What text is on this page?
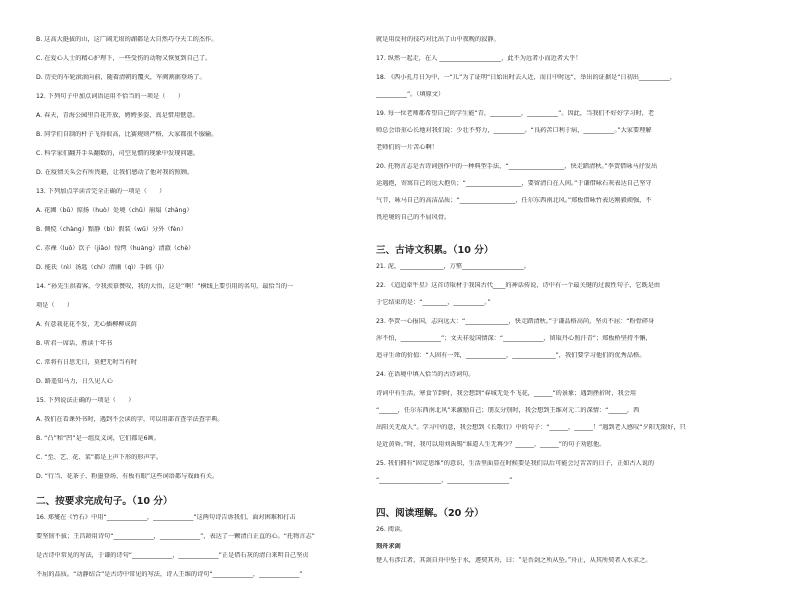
B. 这高大挺拔的山，这广阔无垠的湖都是大自然巧夺天工的杰作。
C. 在爱心人士的精心护理下，一些受伤的动物又恢复到自己了。
D. 历史的车轮滚滚向前，随着清朝的覆灭，军阀割据登场了。
12. 下列句子中加点词语运用不恰当的一项是（　　）
A. 春天，青海公园里百花开放，娉娉多姿，真是惜用惬意。
B. 同学们自制的杆子飞得很高，比赛规则严格，大家都很不服输。
C. 科学家们翻开手头翻数的，司空见惯的现象中发现问题。
D. 在疫情关头会有所畏避，让我们感动了他对我的照顾。
13. 下列加点字读音完全正确的一项是（　　）
A. 花圃（bǔ）掠扬（huò）处境（chǔ）崩塌（zhàng）
B. 倜傥（chàng）黯静（bì）假装（wǔ）分外（fèn）
C. 赤裸（luǒ）饮子（jiǎo）惊愕（huàng）清澈（chè）
D. 能氏（nì）汤匙（chí）清幽（qì）手搞（jì）
14. “孙先生拱着客，令我羡慕赞叹，我的大悟，这是‘’啊！”横线上要引用的名句，最恰当的一
项是（　　）
A. 有意栽花花不发，无心插柳柳成荫
B. 听君一席话，胜读十年书
C. 常将有日思无日，莫把无时当有时
D. 路遥知马力，日久见人心
15. 下列说法正确的一项是（　　）
A. 我们在看课外书时，遇到不会读的字，可以用部首查字法查字典。
B. “凸”和“凹”是一组反义词，它们都是6画。
C. “至、艺、花、菜”都是上声下形的形声字。
D. “行当、花茶子、粉墨登场、有板有眼”这些词语都与戏曲有关。
二、按要求完成句子。（10 分）
16. 郑燮在《竹石》中用“_____________，_____________”这两句诗告诉我们，面对困难和打击
要坚韧不拔；王昌龄用诗句“_____________，_____________”，表达了一颗清白正直的心。“托物言志”
是古诗中常见的写法，于谦的诗句“_____________，_____________”正是借石灰的清白来明自己坚贞
不屈的品质。“动静结合”是古诗中常见的写法，诗人王维的诗句“_____________，_____________”
就是用反衬的技巧对比出了山中夜晚的寂静。
17. 纵然一起走，在人 ____________________，此不为远者小而近者大乎！
18. 《西小孔月日为中，一“儿”为了证明“日始出时去人近，而日中时远”，举出的证据是“日初出__________，
__________”。（填原文）
19. 每一位老师都希望自己的学生能“青，__________，__________”。因此，当我们不好好学习时，老
师总会语重心长地对我们说：少壮不努力，__________。“良药苦口利于病，__________。”大家要理解
老师们的一片苦心啊！
20. 托物言志是古诗词创作中的一种典型手法，“__________________，快走踏清秋。”李贺借咏马抒发出
运遇抱，寄寓自己的远大抱负；“__________________，要留清白在人间。”于谦借咏石灰表达自己坚守
气节，咏马自己的高洁品质；“__________________，任尔东西南北风。”郑板借咏竹表达刚毅顽强，不
畏逆境的自己的不屈风骨。
三、古诗文积累。（10 分）
21. 泥，______________，万壑____________________。
22. 《迢迢牵牛星》这首诗取材于我国古代____的神话传说，诗中有一个最关键的过渡性句子，它既是由
于它结束的是：“________，__________。”
23. 李贺一心报国，志向远大：“______________，快走踏清秋。”于谦品格高尚，坚贞不屈：“粉骨碎身
浑不怕，_____________”；文天祥爱国情深：“_____________，留取丹心照汗青”；郑板桥坚持不懈，
追寻生命的价值：“人固有一死，_____________，______________”，我们要学习他们的优秀品格。
24. 在语境中填入恰当的古诗词句。
诗词中有生活，寒食节到时，我会想到“春城无处不飞花，______”的景象；遇到挫折时，我会用
“______，任尔东西南北风”来激励自己；朋友分别时，我会想到王维对元二的深情：“______，西
出阳关无故人”。学习中的意，我会想到《长歌行》中的句子：“______，______！”遇到老人感叹“夕阳无限好，只
是近黄昏。”时，我可以用刘禹锡“谁道人生无再少？______，______”的句子劝慰他。
25. 我们拥有“固定思维”的意识，生活里面显在时候要是我们以后可能会过苦苦的日子，正如古人说的
“____________________，____________________”
四、阅读理解。（20 分）
26. 阅读。
刻舟求剑
楚人有涉江者，其剑自舟中坠于水，遽契其舟，曰：“是吾剑之所从坠。”舟止，从其所契者入水求之。
